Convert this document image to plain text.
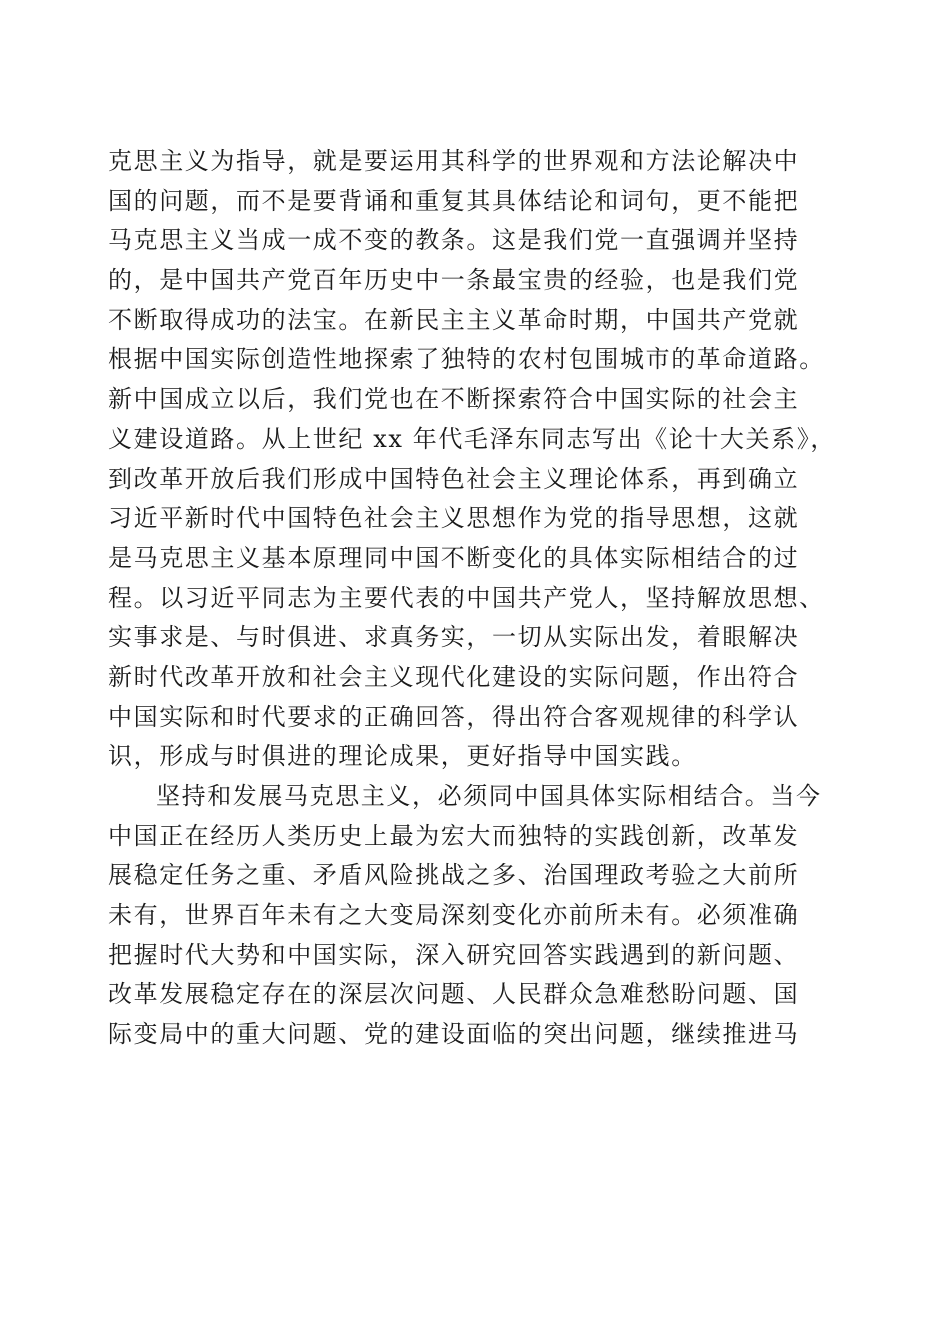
克思主义为指导，就是要运用其科学的世界观和方法论解决中
国的问题，而不是要背诵和重复其具体结论和词句，更不能把
马克思主义当成一成不变的教条。这是我们党一直强调并坚持
的，是中国共产党百年历史中一条最宝贵的经验，也是我们党
不断取得成功的法宝。在新民主主义革命时期，中国共产党就
根据中国实际创造性地探索了独特的农村包围城市的革命道路。
新中国成立以后，我们党也在不断探索符合中国实际的社会主
义建设道路。从上世纪 xx 年代毛泽东同志写出《论十大关系》，
到改革开放后我们形成中国特色社会主义理论体系，再到确立
习近平新时代中国特色社会主义思想作为党的指导思想，这就
是马克思主义基本原理同中国不断变化的具体实际相结合的过
程。以习近平同志为主要代表的中国共产党人，坚持解放思想、
实事求是、与时俱进、求真务实，一切从实际出发，着眼解决
新时代改革开放和社会主义现代化建设的实际问题，作出符合
中国实际和时代要求的正确回答，得出符合客观规律的科学认
识，形成与时俱进的理论成果，更好指导中国实践。
坚持和发展马克思主义，必须同中国具体实际相结合。当今
中国正在经历人类历史上最为宏大而独特的实践创新，改革发
展稳定任务之重、矛盾风险挑战之多、治国理政考验之大前所
未有，世界百年未有之大变局深刻变化亦前所未有。必须准确
把握时代大势和中国实际，深入研究回答实践遇到的新问题、
改革发展稳定存在的深层次问题、人民群众急难愁盼问题、国
际变局中的重大问题、党的建设面临的突出问题，继续推进马
